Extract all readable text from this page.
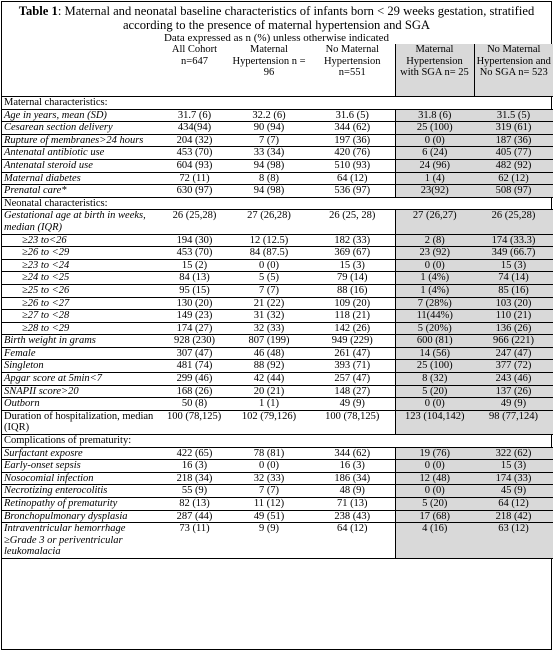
Table 1: Maternal and neonatal baseline characteristics of infants born < 29 weeks gestation, stratified according to the presence of maternal hypertension and SGA
Data expressed as n (%) unless otherwise indicated
	All Cohort n=647	Maternal Hypertension n = 96	No Maternal Hypertension n=551	Maternal Hypertension with SGA n= 25	No Maternal Hypertension and No SGA n= 523
Maternal characteristics:					
Age in years, mean (SD)	31.7 (6)	32.2 (6)	31.6 (5)	31.8 (6)	31.5 (5)
Cesarean section delivery	434(94)	90 (94)	344 (62)	25 (100)	319 (61)
Rupture of membranes>24 hours	204 (32)	7 (7)	197 (36)	0 (0)	187 (36)
Antenatal antibiotic use	453 (70)	33 (34)	420 (76)	6 (24)	405 (77)
Antenatal steroid use	604 (93)	94 (98)	510 (93)	24 (96)	482 (92)
Maternal diabetes	72 (11)	8 (8)	64 (12)	1 (4)	62 (12)
Prenatal care*	630 (97)	94 (98)	536 (97)	23(92)	508 (97)
Neonatal characteristics:					
Gestational age at birth in weeks, median (IQR)	26 (25,28)	27 (26,28)	26 (25, 28)	27 (26,27)	26 (25,28)
≥23 to<26	194 (30)	12 (12.5)	182 (33)	2 (8)	174 (33.3)
≥26 to <29	453 (70)	84 (87.5)	369 (67)	23 (92)	349 (66.7)
≥23 to <24	15 (2)	0 (0)	15 (3)	0 (0)	15 (3)
≥24 to <25	84 (13)	5 (5)	79 (14)	1 (4%)	74 (14)
≥25 to <26	95 (15)	7 (7)	88 (16)	1 (4%)	85 (16)
≥26 to <27	130 (20)	21 (22)	109 (20)	7 (28%)	103 (20)
≥27 to <28	149 (23)	31 (32)	118 (21)	11(44%)	110 (21)
≥28 to <29	174 (27)	32 (33)	142 (26)	5 (20%)	136 (26)
Birth weight in grams	928 (230)	807 (199)	949 (229)	600 (81)	966 (221)
Female	307 (47)	46 (48)	261 (47)	14 (56)	247 (47)
Singleton	481 (74)	88 (92)	393 (71)	25 (100)	377 (72)
Apgar score at 5min<7	299 (46)	42 (44)	257 (47)	8 (32)	243 (46)
SNAPII score>20	168 (26)	20 (21)	148 (27)	5 (20)	137 (26)
Outborn	50 (8)	1 (1)	49 (9)	0 (0)	49 (9)
Duration of hospitalization, median (IQR)	100 (78,125)	102 (79,126)	100 (78,125)	123 (104,142)	98 (77,124)
Complications of prematurity:					
Surfactant exposre	422 (65)	78 (81)	344 (62)	19 (76)	322 (62)
Early-onset sepsis	16 (3)	0 (0)	16 (3)	0 (0)	15 (3)
Nosocomial infection	218 (34)	32 (33)	186 (34)	12 (48)	174 (33)
Necrotizing enterocolitis	55 (9)	7 (7)	48 (9)	0 (0)	45 (9)
Retinopathy of prematurity	82 (13)	11 (12)	71 (13)	5 (20)	64 (12)
Bronchopulmonary dysplasia	287 (44)	49 (51)	238 (43)	17 (68)	218 (42)
Intraventricular hemorrhage ≥Grade 3 or periventricular leukomalacia	73 (11)	9 (9)	64 (12)	4 (16)	63 (12)
